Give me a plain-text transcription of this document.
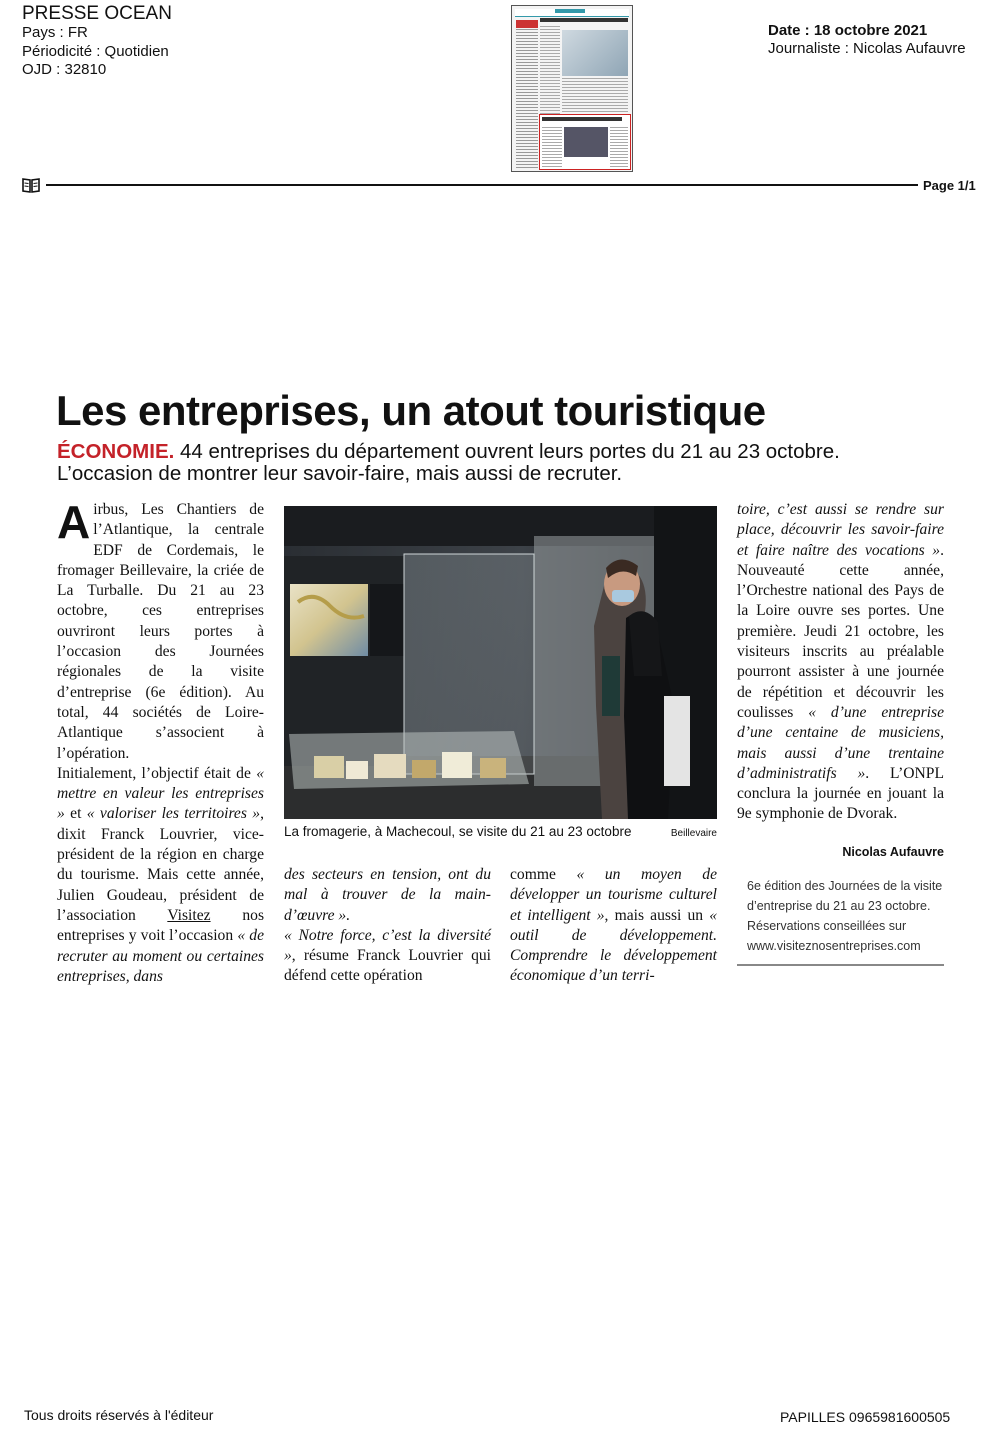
PRESSE OCEAN
Pays : FR
Périodicité : Quotidien
OJD : 32810
Date : 18 octobre 2021
Journaliste : Nicolas Aufauvre
Page 1/1
Les entreprises, un atout touristique
ÉCONOMIE. 44 entreprises du département ouvrent leurs portes du 21 au 23 octobre.
L’occasion de montrer leur savoir-faire, mais aussi de recruter.

Airbus, Les Chantiers de l’Atlantique, la centrale EDF de Cordemais, le fromager Beillevaire, la criée de La Turballe. Du 21 au 23 octobre, ces entreprises ouvriront leurs portes à l’occasion des Journées régionales de la visite d’entreprise (6e édition). Au total, 44 sociétés de Loire-Atlantique s’associent à l’opération.

Initialement, l’objectif était de « mettre en valeur les entreprises » et « valoriser les territoires », dixit Franck Louvrier, vice-président de la région en charge du tourisme. Mais cette année, Julien Goudeau, président de l’association Visitez nos entreprises y voit l’occasion « de recruter au moment ou certaines entreprises, dans

La fromagerie, à Machecoul, se visite du 21 au 23 octobre	Beillevaire

des secteurs en tension, ont du mal à trouver de la main-d’œuvre ».

« Notre force, c’est la diversité », résume Franck Louvrier qui défend cette opération

comme « un moyen de développer un tourisme culturel et intelligent », mais aussi un « outil de développement. Comprendre le développement économique d’un terri-

toire, c’est aussi se rendre sur place, découvrir les savoir-faire et faire naître des vocations ». Nouveauté cette année, l’Orchestre national des Pays de la Loire ouvre ses portes. Une première. Jeudi 21 octobre, les visiteurs inscrits au préalable pourront assister à une journée de répétition et découvrir les coulisses « d’une entreprise d’une centaine de musiciens, mais aussi d’une trentaine d’administratifs ». L’ONPL conclura la journée en jouant la 9e symphonie de Dvorak.

Nicolas Aufauvre
6e édition des Journées de la visite
d’entreprise du 21 au 23 octobre.
Réservations conseillées sur
www.visiteznosentreprises.com
Tous droits réservés à l'éditeur	PAPILLES 0965981600505
